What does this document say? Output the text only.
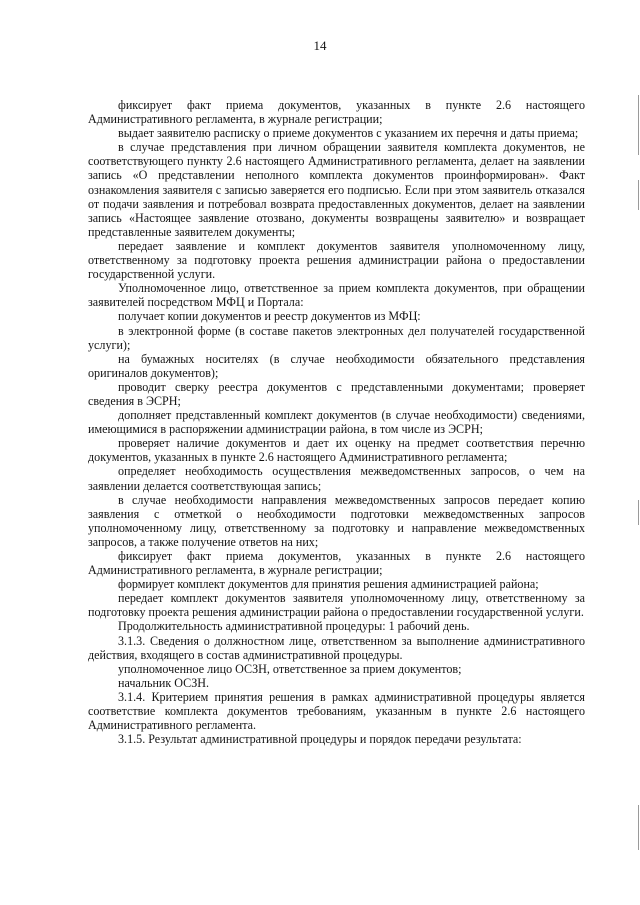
14

фиксирует факт приема документов, указанных в пункте 2.6 настоящего Административного регламента, в журнале регистрации;

выдает заявителю расписку о приеме документов с указанием их перечня и даты приема;

в случае представления при личном обращении заявителя комплекта документов, не соответствующего пункту 2.6 настоящего Административного регламента, делает на заявлении запись «О представлении неполного комплекта документов проинформирован». Факт ознакомления заявителя с записью заверяется его подписью. Если при этом заявитель отказался от подачи заявления и потребовал возврата предоставленных документов, делает на заявлении запись «Настоящее заявление отозвано, документы возвращены заявителю» и возвращает представленные заявителем документы;

передает заявление и комплект документов заявителя уполномоченному лицу, ответственному за подготовку проекта решения администрации района о предоставлении государственной услуги.

Уполномоченное лицо, ответственное за прием комплекта документов, при обращении заявителей посредством МФЦ и Портала:

получает копии документов и реестр документов из МФЦ:

в электронной форме (в составе пакетов электронных дел получателей государственной услуги);

на бумажных носителях (в случае необходимости обязательного представления оригиналов документов);

проводит сверку реестра документов с представленными документами; проверяет сведения в ЭСРН;

дополняет представленный комплект документов (в случае необходимости) сведениями, имеющимися в распоряжении администрации района, в том числе из ЭСРН;

проверяет наличие документов и дает их оценку на предмет соответствия перечню документов, указанных в пункте 2.6 настоящего Административного регламента;

определяет необходимость осуществления межведомственных запросов, о чем на заявлении делается соответствующая запись;

в случае необходимости направления межведомственных запросов передает копию заявления с отметкой о необходимости подготовки межведомственных запросов уполномоченному лицу, ответственному за подготовку и направление межведомственных запросов, а также получение ответов на них;

фиксирует факт приема документов, указанных в пункте 2.6 настоящего Административного регламента, в журнале регистрации;

формирует комплект документов для принятия решения администрацией района;

передает комплект документов заявителя уполномоченному лицу, ответственному за подготовку проекта решения администрации района о предоставлении государственной услуги.

Продолжительность административной процедуры: 1 рабочий день.

3.1.3. Сведения о должностном лице, ответственном за выполнение административного действия, входящего в состав административной процедуры.

уполномоченное лицо ОСЗН, ответственное за прием документов;

начальник ОСЗН.

3.1.4. Критерием принятия решения в рамках административной процедуры является соответствие комплекта документов требованиям, указанным в пункте 2.6 настоящего Административного регламента.

3.1.5. Результат административной процедуры и порядок передачи результата:
